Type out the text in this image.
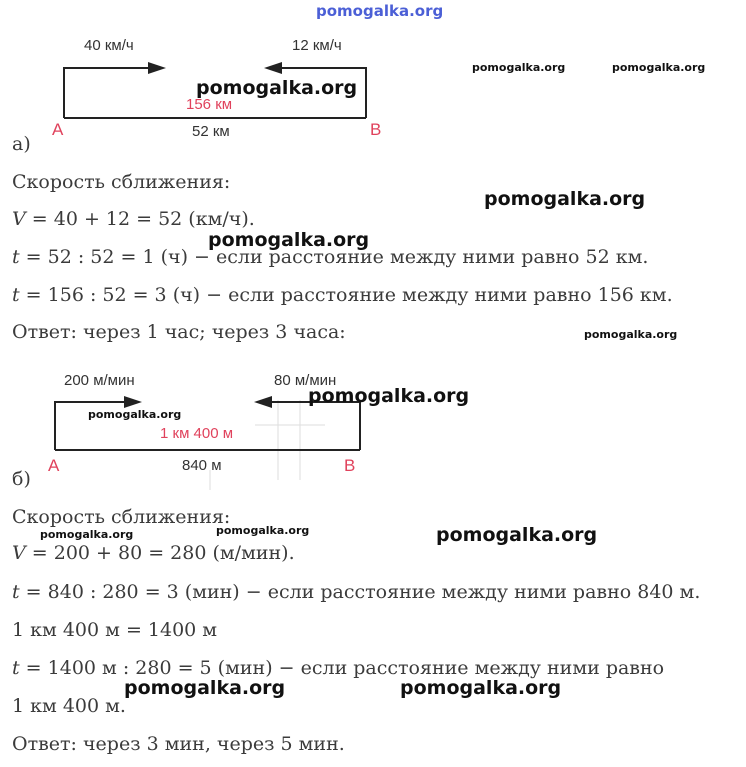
pomogalka.org
40 км/ч	12 км/ч
156 км
52 км
A	B
а)
Скорость сближения:
V = 40 + 12 = 52 (км/ч).
t = 52 : 52 = 1 (ч) − если расстояние между ними равно 52 км.
t = 156 : 52 = 3 (ч) − если расстояние между ними равно 156 км.
Ответ: через 1 час; через 3 часа:
200 м/мин	80 м/мин
1 км 400 м
840 м
A	B
б)
Скорость сближения:
V = 200 + 80 = 280 (м/мин).
t = 840 : 280 = 3 (мин) − если расстояние между ними равно 840 м.
1 км 400 м = 1400 м
t = 1400 м : 280 = 5 (мин) − если расстояние между ними равно
1 км 400 м.
Ответ: через 3 мин, через 5 мин.
pomogalka.org
pomogalka.org	pomogalka.org
pomogalka.org
pomogalka.org
pomogalka.org
pomogalka.org
pomogalka.org
pomogalka.org	pomogalka.org	pomogalka.org
pomogalka.org	pomogalka.org
